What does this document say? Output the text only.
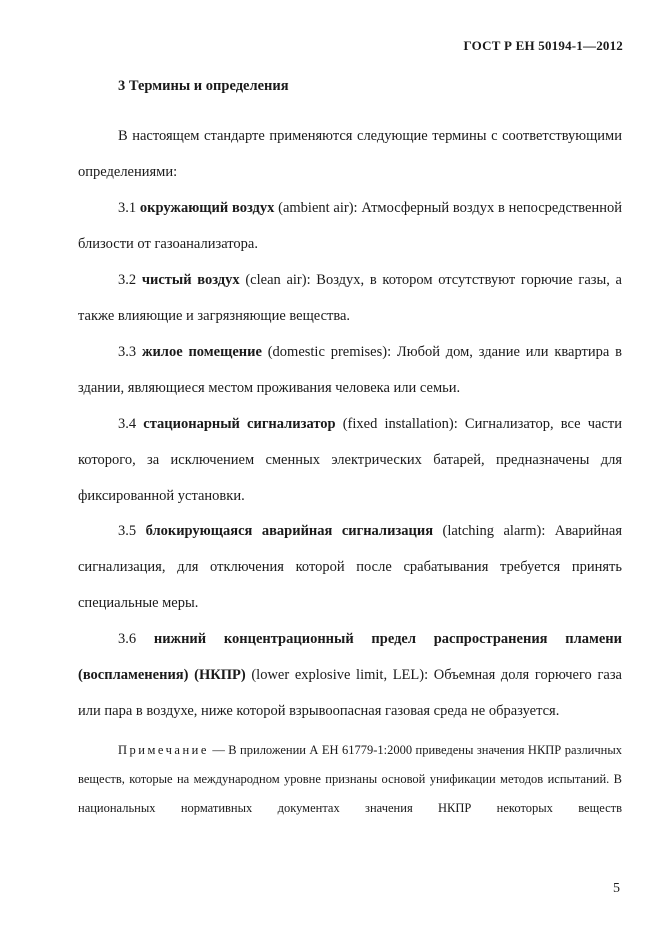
ГОСТ Р ЕН 50194-1—2012
3 Термины и определения

В настоящем стандарте применяются следующие термины с соответствующими определениями:

3.1 окружающий воздух (ambient air): Атмосферный воздух в непосредственной близости от газоанализатора.

3.2 чистый воздух (clean air): Воздух, в котором отсутствуют горючие газы, а также влияющие и загрязняющие вещества.

3.3 жилое помещение (domestic premises): Любой дом, здание или квартира в здании, являющиеся местом проживания человека или семьи.

3.4 стационарный сигнализатор (fixed installation): Сигнализатор, все части которого, за исключением сменных электрических батарей, предназначены для фиксированной установки.

3.5 блокирующаяся аварийная сигнализация (latching alarm): Аварийная сигнализация, для отключения которой после срабатывания требуется принять специальные меры.

3.6 нижний концентрационный предел распространения пламени (воспламенения) (НКПР) (lower explosive limit, LEL): Объемная доля горючего газа или пара в воздухе, ниже которой взрывоопасная газовая среда не образуется.

Примечание — В приложении А ЕН 61779-1:2000 приведены значения НКПР различных веществ, которые на международном уровне признаны основой унификации методов испытаний. В национальных нормативных документах значения НКПР некоторых веществ

5
